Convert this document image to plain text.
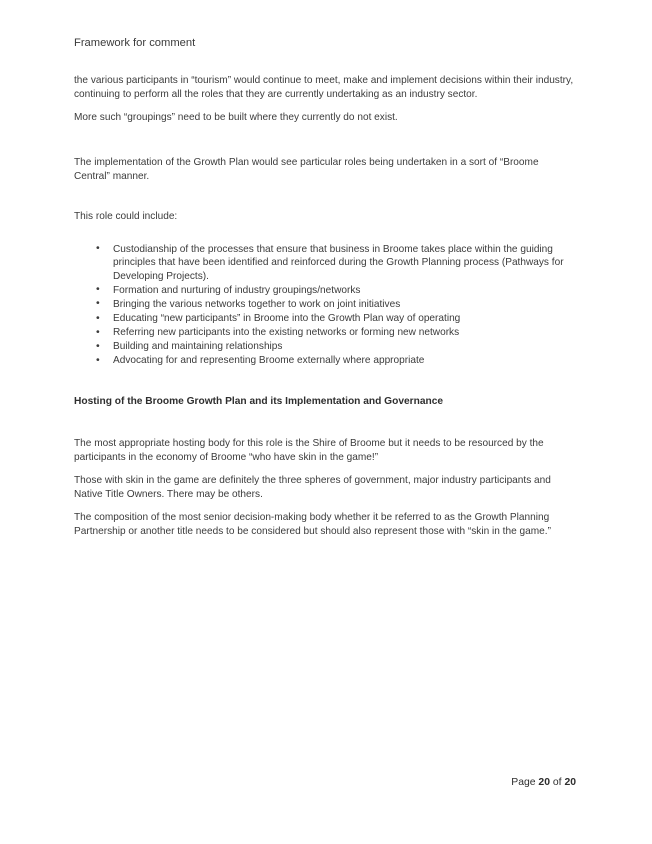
Framework for comment

the various participants in “tourism” would continue to meet, make and implement decisions within their industry, continuing to perform all the roles that they are currently undertaking as an industry sector.

More such “groupings” need to be built where they currently do not exist.

The implementation of the Growth Plan would see particular roles being undertaken in a sort of “Broome Central” manner.

This role could include:

• Custodianship of the processes that ensure that business in Broome takes place within the guiding principles that have been identified and reinforced during the Growth Planning process (Pathways for Developing Projects).
• Formation and nurturing of industry groupings/networks
• Bringing the various networks together to work on joint initiatives
• Educating “new participants” in Broome into the Growth Plan way of operating
• Referring new participants into the existing networks or forming new networks
• Building and maintaining relationships
• Advocating for and representing Broome externally where appropriate
Hosting of the Broome Growth Plan and its Implementation and Governance

The most appropriate hosting body for this role is the Shire of Broome but it needs to be resourced by the participants in the economy of Broome “who have skin in the game!”

Those with skin in the game are definitely the three spheres of government, major industry participants and Native Title Owners. There may be others.

The composition of the most senior decision-making body whether it be referred to as the Growth Planning Partnership or another title needs to be considered but should also represent those with “skin in the game.”

Page 20 of 20
